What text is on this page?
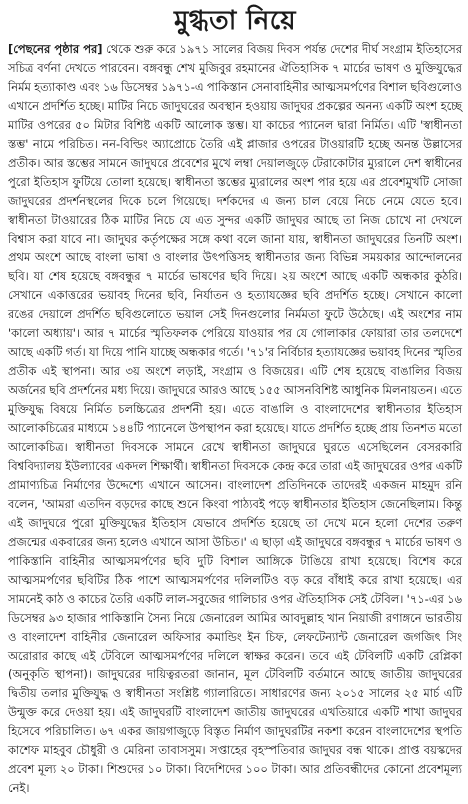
মুগ্ধতা নিয়ে

[পেছনের পৃষ্ঠার পর] থেকে শুরু করে ১৯৭১ সালের বিজয় দিবস পর্যন্ত দেশের দীর্ঘ সংগ্রাম ইতিহাসের সচিত্র বর্ণনা দেখতে পারবেন। বঙ্গবন্ধু শেখ মুজিবুর রহমানের ঐতিহাসিক ৭ মার্চের ভাষণ ও মুক্তিযুদ্ধের নির্মম হত্যাকাণ্ড এবং ১৬ ডিসেম্বর ১৯৭১-এ পাকিস্তান সেনাবাহিনীর আত্মসমর্পণের বিশাল ছবিগুলোও এখানে প্রদর্শিত হচ্ছে। মাটির নিচে জাদুঘরের অবস্থান হওয়ায় জাদুঘর প্রকল্পের অনন্য একটি অংশ হচ্ছে মাটির ওপরের ৫০ মিটার বিশিষ্ট একটি আলোক স্তম্ভ। যা কাচের প্যানেল দ্বারা নির্মিত। এটি 'স্বাধীনতা স্তম্ভ' নামে পরিচিত। নন-বিল্ডিং অ্যাপ্রোচে তৈরি এই প্লাজার ওপরের টাওয়ারটি হচ্ছে অনন্ত উল্লাসের প্রতীক। আর স্তম্ভের সামনে জাদুঘরে প্রবেশের মুখে লম্বা দেয়ালজুড়ে টেরাকোটার ম্যুরালে দেশ স্বাধীনের পুরো ইতিহাস ফুটিয়ে তোলা হয়েছে। স্বাধীনতা স্তম্ভের ম্যুরালের অংশ পার হয়ে এর প্রবেশমুখটি সোজা জাদুঘরের প্রদর্শনস্থলের দিকে চলে গিয়েছে। দর্শকদের এ জন্য চাল বেয়ে নিচে নেমে যেতে হবে। স্বাধীনতা টাওয়ারের ঠিক মাটির নিচে যে এত সুন্দর একটি জাদুঘর আছে তা নিজ চোখে না দেখলে বিশ্বাস করা যাবে না। জাদুঘর কর্তৃপক্ষের সঙ্গে কথা বলে জানা যায়, স্বাধীনতা জাদুঘরের তিনটি অংশ। প্রথম অংশে আছে বাংলা ভাষা ও বাংলার উৎপত্তিসহ স্বাধীনতার জন্য বিভিন্ন সময়কার আন্দোলনের ছবি। যা শেষ হয়েছে বঙ্গবন্ধুর ৭ মার্চের ভাষণের ছবি দিয়ে। ২য় অংশে আছে একটি অন্ধকার কুঠরি। সেখানে একাত্তরের ভয়াবহ দিনের ছবি, নির্যাতন ও হত্যাযজ্ঞের ছবি প্রদর্শিত হচ্ছে। সেখানে কালো রঙের দেয়ালে প্রদর্শিত ছবিগুলোতে ভয়াল সেই দিনগুলোর নির্মমতা ফুটে উঠেছে। এই অংশের নাম 'কালো অধ্যায়'। আর ৭ মার্চের স্মৃতিফলক পেরিয়ে যাওয়ার পর যে গোলাকার ফোয়ারা তার তলদেশে আছে একটি গর্ত। যা দিয়ে পানি যাচ্ছে অন্ধকার গর্তে। '৭১'র নির্বিচার হত্যাযজ্ঞের ভয়াবহ দিনের স্মৃতির প্রতীক এই স্থাপনা। আর ৩য় অংশে লড়াই, সংগ্রাম ও বিজয়ের। এটি শেষ হয়েছে বাঙালির বিজয় অর্জনের ছবি প্রদর্শনের মধ্য দিয়ে। জাদুঘরে আরও আছে ১৫৫ আসনবিশিষ্ট আধুনিক মিলনায়তন। এতে মুক্তিযুদ্ধ বিষয়ে নির্মিত চলচ্চিত্রের প্রদর্শনী হয়। এতে বাঙালি ও বাংলাদেশের স্বাধীনতার ইতিহাস আলোকচিত্রের মাধ্যমে ১৪৪টি প্যানেলে উপস্থাপন করা হয়েছে। যাতে প্রদর্শিত হচ্ছে প্রায় তিনশত মতো আলোকচিত্র। স্বাধীনতা দিবসকে সামনে রেখে স্বাধীনতা জাদুঘরে ঘুরতে এসেছিলেন বেসরকারি বিশ্ববিদ্যালয় ইউল্যাবের একদল শিক্ষার্থী। স্বাধীনতা দিবসকে কেন্দ্র করে তারা এই জাদুঘরের ওপর একটি প্রামাণ্যচিত্র নির্মাণের উদ্দেশ্যে এখানে আসেন। বাংলাদেশ প্রতিদিনকে তাদেরই একজন মাহমুদ রনি বলেন, 'আমরা এতদিন বড়দের কাছে শুনে কিংবা পাঠ্যবই পড়ে স্বাধীনতার ইতিহাস জেনেছিলাম। কিন্তু এই জাদুঘরে পুরো মুক্তিযুদ্ধের ইতিহাস যেভাবে প্রদর্শিত হয়েছে তা দেখে মনে হলো দেশের তরুণ প্রজন্মের একবারের জন্য হলেও এখানে আসা উচিত।' এ ছাড়া এই জাদুঘরে বঙ্গবন্ধুর ৭ মার্চের ভাষণ ও পাকিস্তানি বাহিনীর আত্মসমর্পণের ছবি দুটি বিশাল আঙ্গিকে টাঙিয়ে রাখা হয়েছে। বিশেষ করে আত্মসমর্পণের ছবিটির ঠিক পাশে আত্মসমর্পণের দলিলটিও বড় করে বাঁধাই করে রাখা হয়েছে। এর সামনেই কাঠ ও কাচের তৈরি একটি লাল-সবুজের গালিচার ওপর ঐতিহাসিক সেই টেবিল। '৭১-এর ১৬ ডিসেম্বর ৯৩ হাজার পাকিস্তানি সৈন্য নিয়ে জেনারেল আমির আবদুল্লাহ খান নিয়াজী রণাঙ্গনে ভারতীয় ও বাংলাদেশ বাহিনীর জেনারেল অফিসার কমান্ডিং ইন চিফ, লেফটেন্যান্ট জেনারেল জগজিৎ সিং অরোরার কাছে এই টেবিলে আত্মসমর্পণের দলিলে স্বাক্ষর করেন। তবে এই টেবিলটি একটি রেপ্লিকা (অনুকৃতি স্থাপনা)। জাদুঘরের দায়িত্বরতরা জানান, মূল টেবিলটি বর্তমানে আছে জাতীয় জাদুঘরের দ্বিতীয় তলার মুক্তিযুদ্ধ ও স্বাধীনতা সংশ্লিষ্ট গ্যালারিতে। সাধারণের জন্য ২০১৫ সালের ২৫ মার্চ এটি উন্মুক্ত করে দেওয়া হয়। এই জাদুঘরটি বাংলাদেশ জাতীয় জাদুঘরের এখতিয়ারে একটি শাখা জাদুঘর হিসেবে পরিচালিত। ৬৭ একর জায়গাজুড়ে বিস্তৃত নির্মাণ জাদুঘরটির নকশা করেন বাংলাদেশের স্থপতি কাশেফ মাহবুব চৌধুরী ও মেরিনা তাবাসসুম। সপ্তাহের বৃহস্পতিবার জাদুঘর বন্ধ থাকে। প্রাপ্ত বয়স্কদের প্রবেশ মূল্য ২০ টাকা। শিশুদের ১০ টাকা। বিদেশিদের ১০০ টাকা। আর প্রতিবন্ধীদের কোনো প্রবেশমূল্য নেই।
